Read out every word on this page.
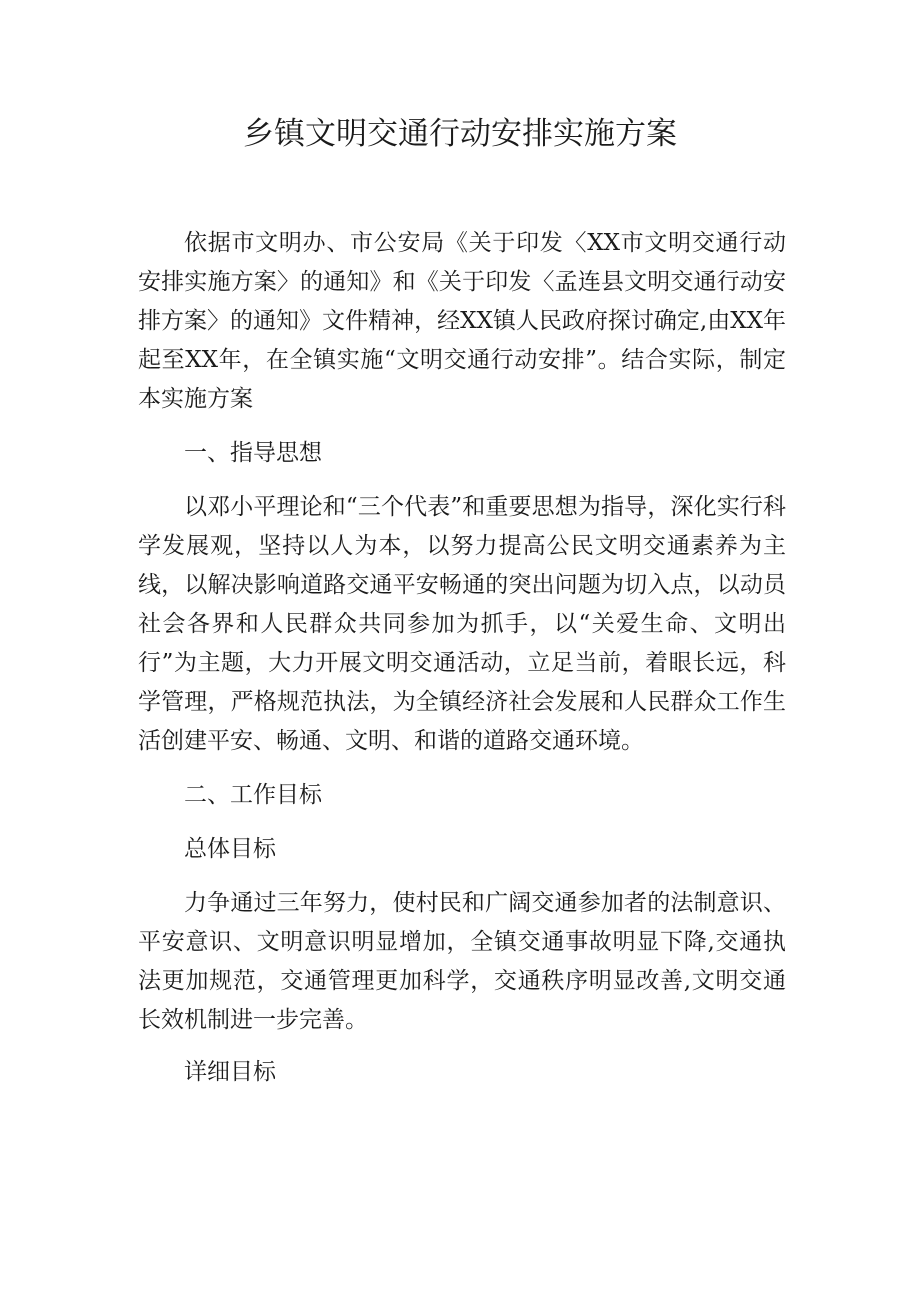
乡镇文明交通行动安排实施方案

依据市文明办、市公安局《关于印发〈XX市文明交通行动安排实施方案〉的通知》和《关于印发〈孟连县文明交通行动安排方案〉的通知》文件精神，经XX镇人民政府探讨确定,由XX年起至XX年，在全镇实施“文明交通行动安排”。结合实际，制定本实施方案

一、指导思想

以邓小平理论和“三个代表”和重要思想为指导，深化实行科学发展观，坚持以人为本，以努力提高公民文明交通素养为主线，以解决影响道路交通平安畅通的突出问题为切入点，以动员社会各界和人民群众共同参加为抓手，以“关爱生命、文明出行”为主题，大力开展文明交通活动，立足当前，着眼长远，科学管理，严格规范执法，为全镇经济社会发展和人民群众工作生活创建平安、畅通、文明、和谐的道路交通环境。

二、工作目标

总体目标

力争通过三年努力，使村民和广阔交通参加者的法制意识、平安意识、文明意识明显增加，全镇交通事故明显下降,交通执法更加规范，交通管理更加科学，交通秩序明显改善,文明交通长效机制进一步完善。

详细目标
